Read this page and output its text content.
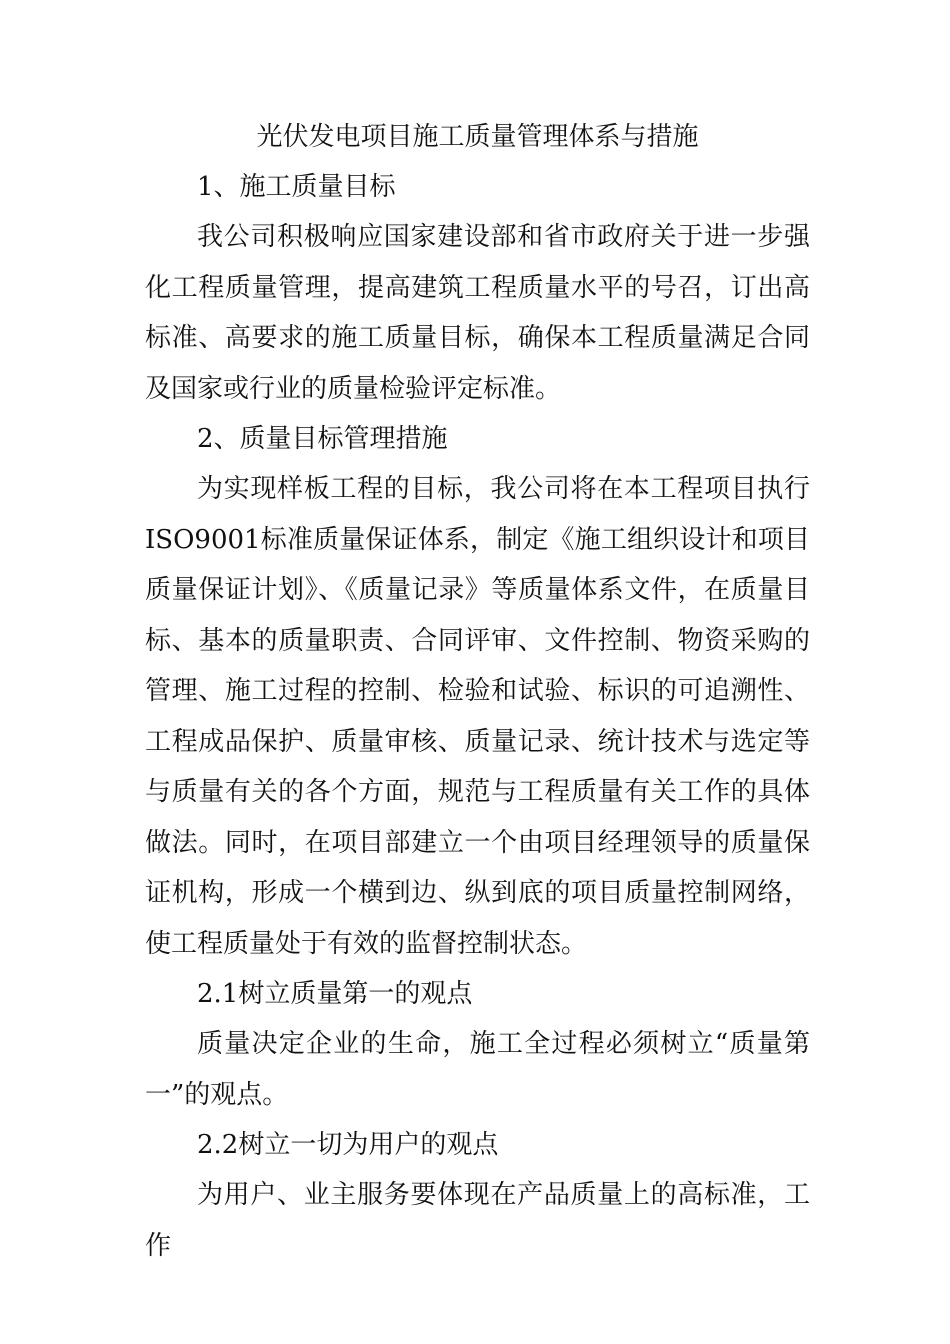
光伏发电项目施工质量管理体系与措施

1、施工质量目标

我公司积极响应国家建设部和省市政府关于进一步强化工程质量管理，提高建筑工程质量水平的号召，订出高标准、高要求的施工质量目标，确保本工程质量满足合同及国家或行业的质量检验评定标准。

2、质量目标管理措施

为实现样板工程的目标，我公司将在本工程项目执行ISO9001标准质量保证体系，制定《施工组织设计和项目质量保证计划》、《质量记录》等质量体系文件，在质量目标、基本的质量职责、合同评审、文件控制、物资采购的管理、施工过程的控制、检验和试验、标识的可追溯性、工程成品保护、质量审核、质量记录、统计技术与选定等与质量有关的各个方面，规范与工程质量有关工作的具体做法。同时，在项目部建立一个由项目经理领导的质量保证机构，形成一个横到边、纵到底的项目质量控制网络，使工程质量处于有效的监督控制状态。

2.1树立质量第一的观点

质量决定企业的生命，施工全过程必须树立“质量第一”的观点。

2.2树立一切为用户的观点

为用户、业主服务要体现在产品质量上的高标准，工作
